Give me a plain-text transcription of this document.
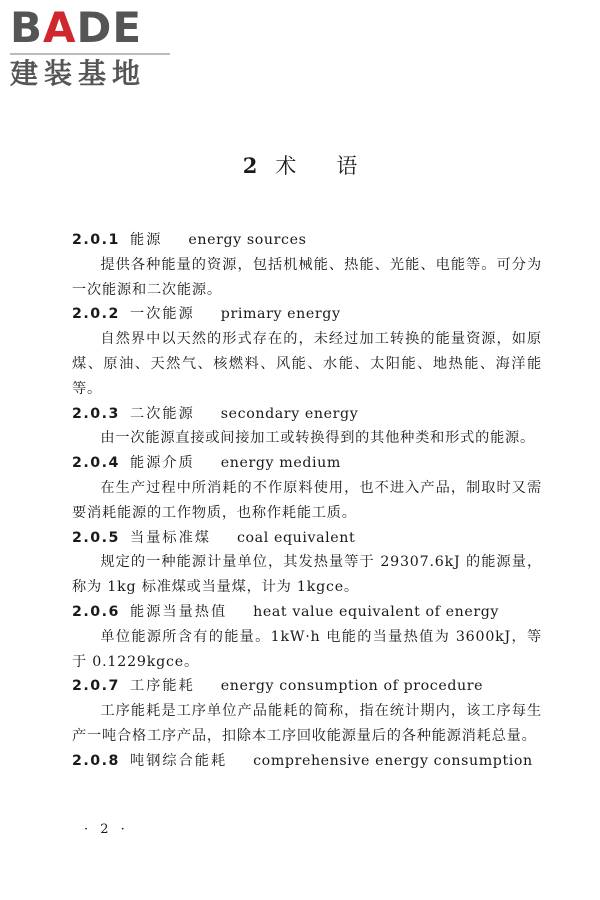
BADE
建装基地
2 术 语
2.0.1 能源 energy sources

提供各种能量的资源，包括机械能、热能、光能、电能等。可分为一次能源和二次能源。

2.0.2 一次能源 primary energy

自然界中以天然的形式存在的，未经过加工转换的能量资源，如原煤、原油、天然气、核燃料、风能、水能、太阳能、地热能、海洋能等。

2.0.3 二次能源 secondary energy

由一次能源直接或间接加工或转换得到的其他种类和形式的能源。

2.0.4 能源介质 energy medium

在生产过程中所消耗的不作原料使用，也不进入产品，制取时又需要消耗能源的工作物质，也称作耗能工质。

2.0.5 当量标准煤 coal equivalent

规定的一种能源计量单位，其发热量等于 29307.6kJ 的能源量，称为 1kg 标准煤或当量煤，计为 1kgce。

2.0.6 能源当量热值 heat value equivalent of energy

单位能源所含有的能量。1kW·h 电能的当量热值为 3600kJ，等于 0.1229kgce。

2.0.7 工序能耗 energy consumption of procedure

工序能耗是工序单位产品能耗的简称，指在统计期内，该工序每生产一吨合格工序产品，扣除本工序回收能源量后的各种能源消耗总量。

2.0.8 吨钢综合能耗 comprehensive energy consumption
· 2 ·
